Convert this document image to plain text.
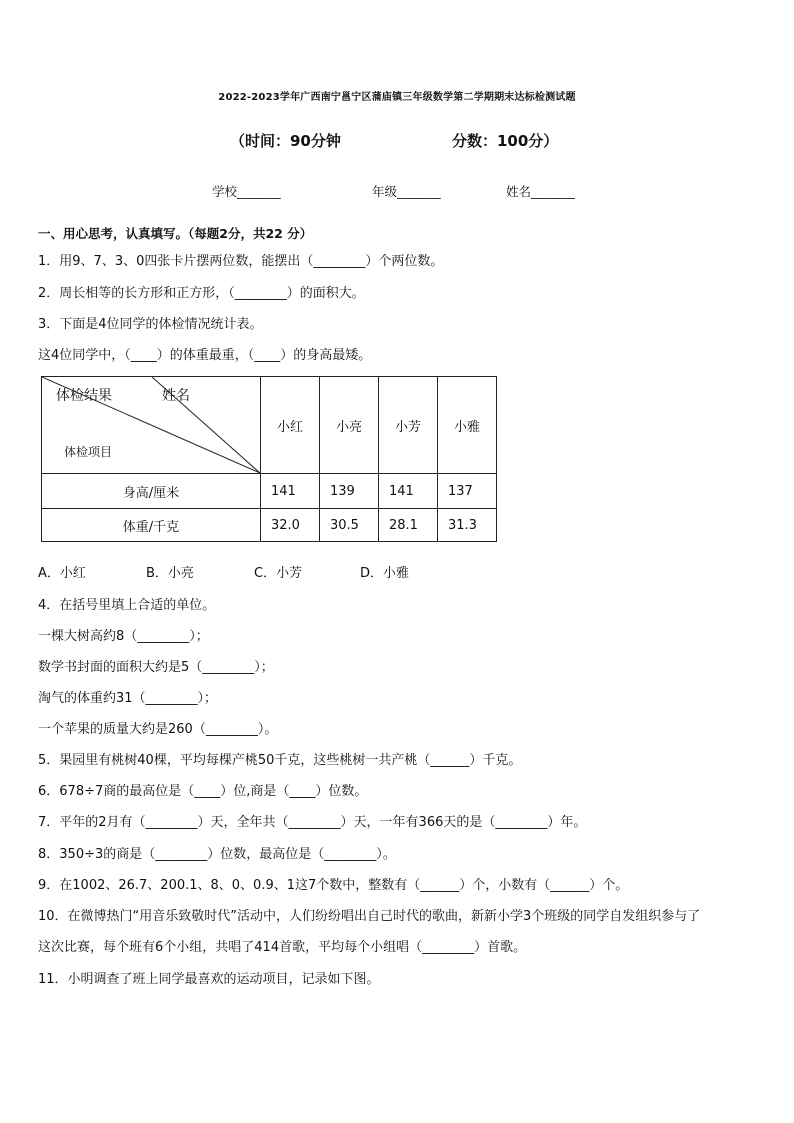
2022-2023学年广西南宁邕宁区蒲庙镇三年级数学第二学期期末达标检测试题
（时间：90分钟	分数：100分）
学校_______	年级_______	姓名_______
一、用心思考，认真填写。（每题2分，共22 分）
1．用9、7、3、0四张卡片摆两位数，能摆出（________）个两位数。
2．周长相等的长方形和正方形，（________）的面积大。
3．下面是4位同学的体检情况统计表。
这4位同学中，（____）的体重最重，（____）的身高最矮。
体检结果 姓名
体检项目	小红	小亮	小芳	小雅
身高/厘米	141	139	141	137
体重/千克	32.0	30.5	28.1	31.3
A．小红	B．小亮	C．小芳	D．小雅
4．在括号里填上合适的单位。
一棵大树高约8（________）；
数学书封面的面积大约是5（________）；
淘气的体重约31（________）；
一个苹果的质量大约是260（________）。
5．果园里有桃树40棵，平均每棵产桃50千克，这些桃树一共产桃（______）千克。
6．678÷7商的最高位是（____）位,商是（____）位数。
7．平年的2月有（________）天，全年共（________）天，一年有366天的是（________）年。
8．350÷3的商是（________）位数，最高位是（________）。
9．在1002、26.7、200.1、8、0、0.9、1这7个数中，整数有（______）个，小数有（______）个。
10．在微博热门“用音乐致敬时代”活动中，人们纷纷唱出自己时代的歌曲，新新小学3个班级的同学自发组织参与了
这次比赛，每个班有6个小组，共唱了414首歌，平均每个小组唱（________）首歌。
11．小明调查了班上同学最喜欢的运动项目，记录如下图。
